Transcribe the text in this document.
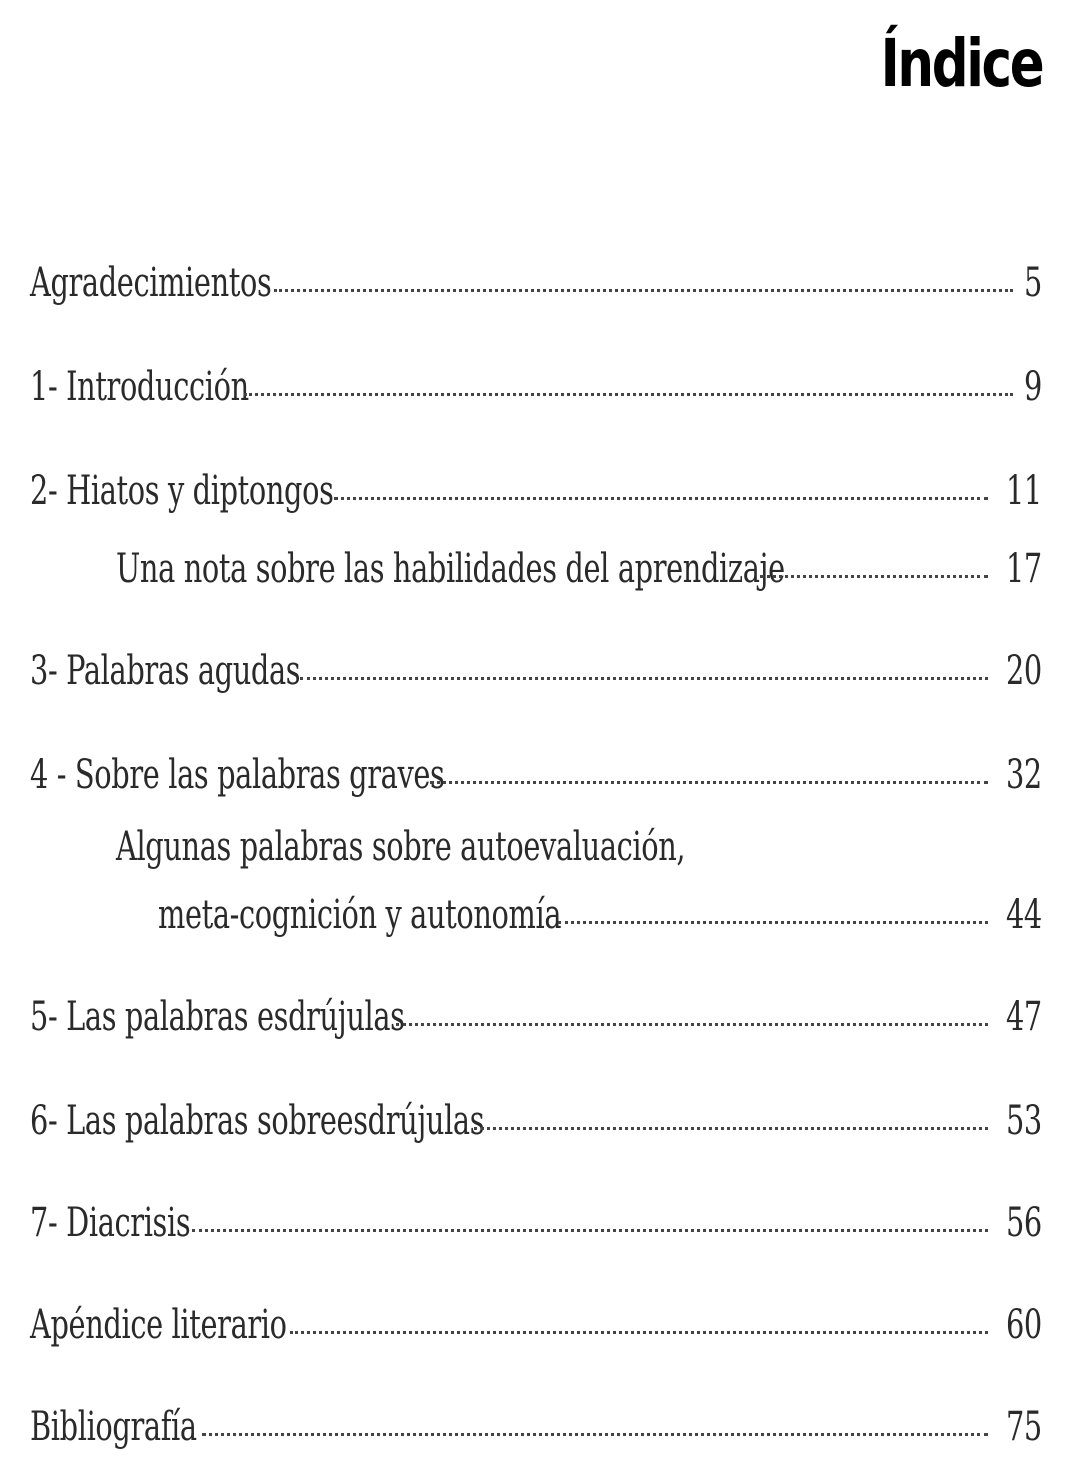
Índice
Agradecimientos	5
1- Introducción	9
2- Hiatos y diptongos	11
Una nota sobre las habilidades del aprendizaje	17
3- Palabras agudas	20
4 - Sobre las palabras graves	32
Algunas palabras sobre autoevaluación,
meta-cognición y autonomía	44
5- Las palabras esdrújulas	47
6- Las palabras sobreesdrújulas	53
7- Diacrisis	56
Apéndice literario	60
Bibliografía	75
